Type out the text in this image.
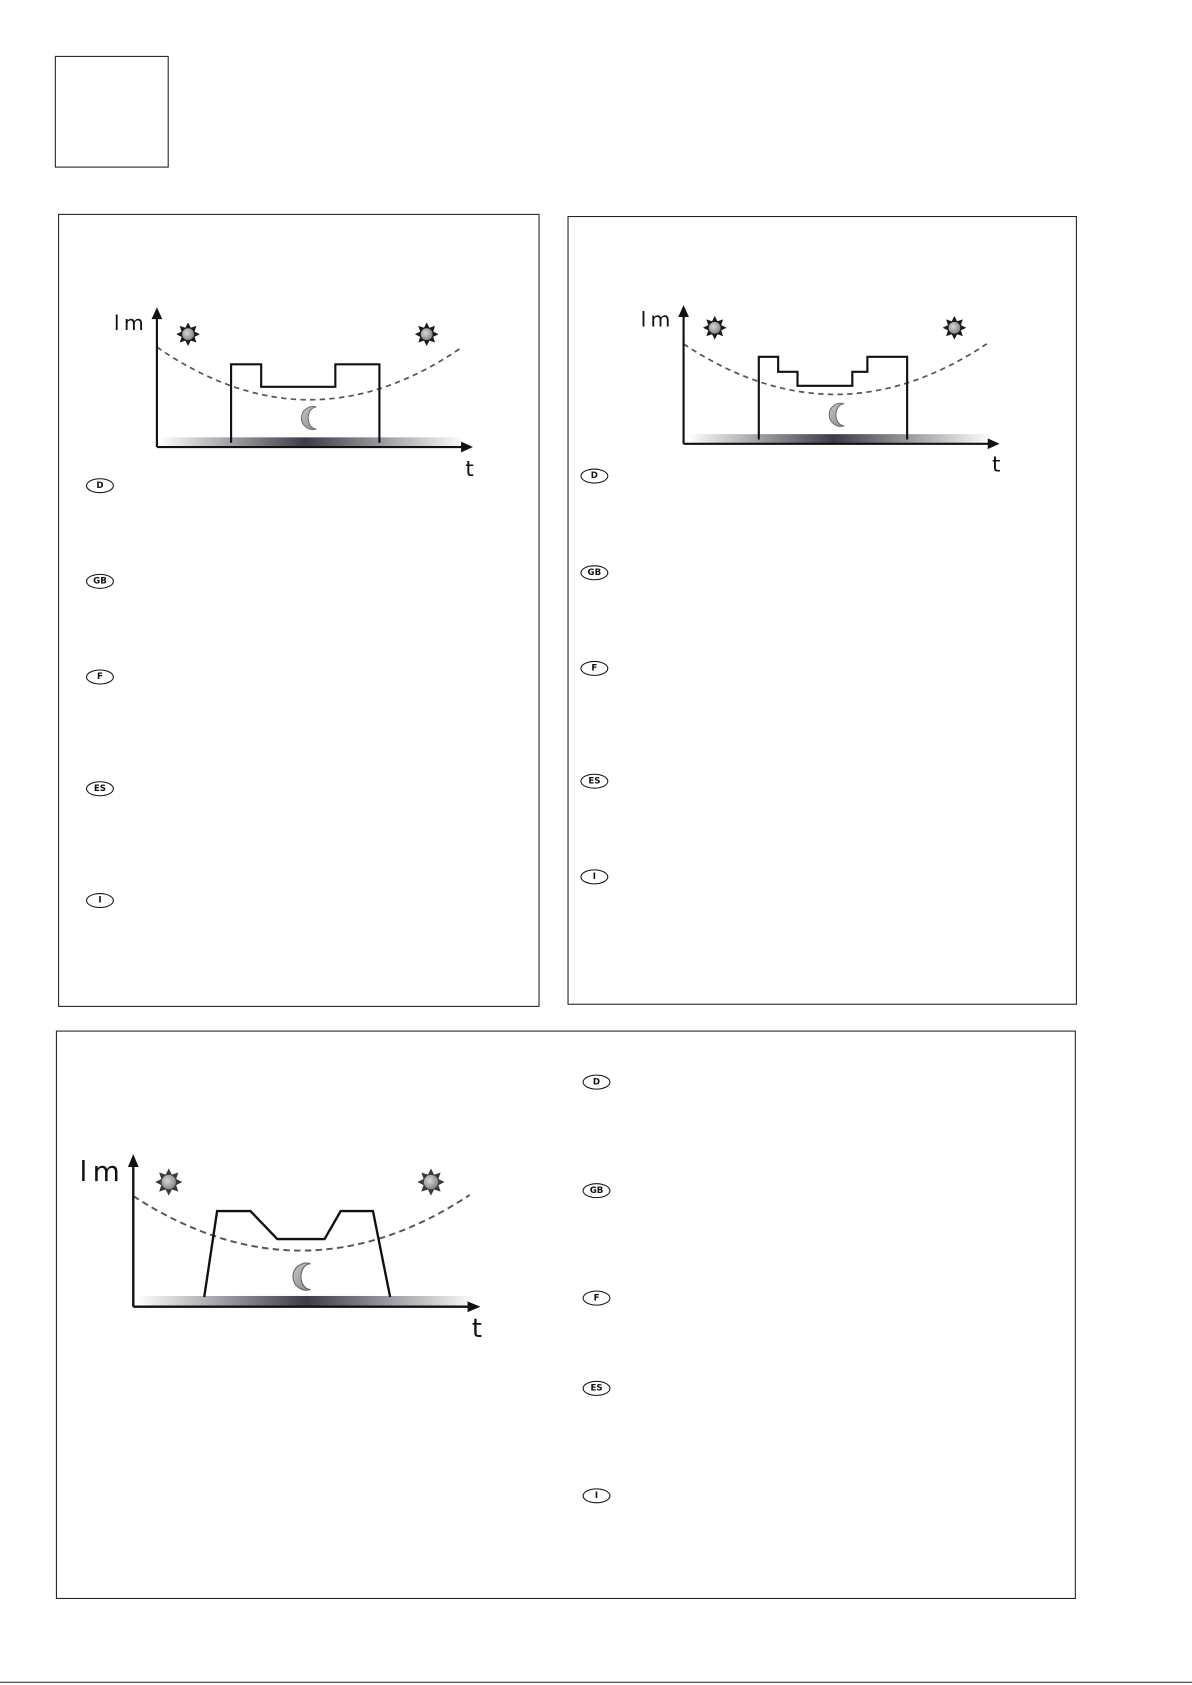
lm
t
D
GB
F
ES
I
lm
t
D
GB
F
ES
I
lm
t
D
GB
F
ES
I
